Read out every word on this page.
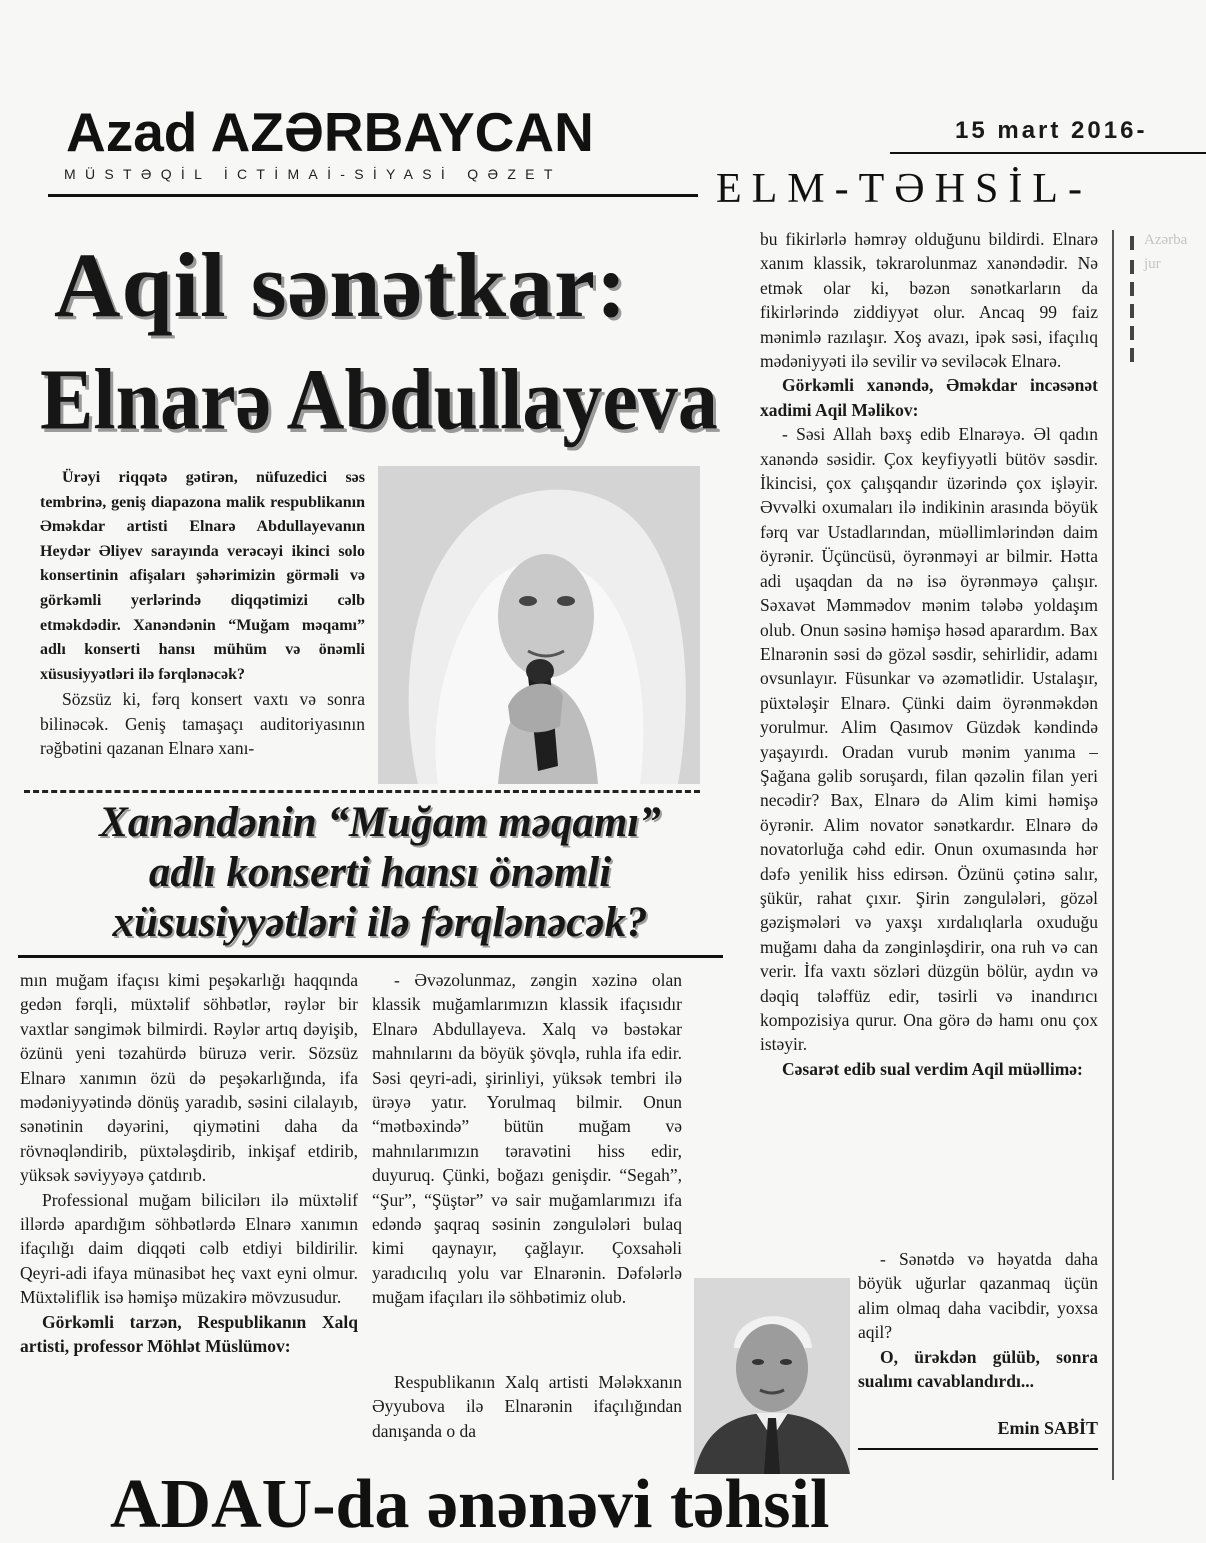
Azad AZƏRBAYCAN
MÜSTƏQİL İCTİMAİ-SİYASİ QƏZET
15 mart 2016-
ELM-TƏHSİL-
Aqil sənətkar:
Elnarə Abdullayeva

Ürəyi riqqətə gətirən, nüfuzedici səs tembrinə, geniş diapazona malik respublikanın Əməkdar artisti Elnarə Abdullayevanın Heydər Əliyev sarayında verəcəyi ikinci solo konsertinin afişaları şəhərimizin görməli və görkəmli yerlərində diqqətimizi cəlb etməkdədir. Xanəndənin “Muğam məqamı” adlı konserti hansı mühüm və önəmli xüsusiyyətləri ilə fərqlənəcək?

Sözsüz ki, fərq konsert vaxtı və sonra bilinəcək. Geniş tamaşaçı auditoriyasının rəğbətini qazanan Elnarə xanı-

Xanəndənin “Muğam məqamı”
adlı konserti hansı önəmli
xüsusiyyətləri ilə fərqlənəcək?

mın muğam ifaçısı kimi peşəkarlığı haqqında gedən fərqli, müxtəlif söhbətlər, rəylər bir vaxtlar səngimək bilmirdi. Rəylər artıq dəyişib, özünü yeni təzahürdə büruzə verir. Sözsüz Elnarə xanımın özü də peşəkarlığında, ifa mədəniyyətində dönüş yaradıb, səsini cilalayıb, sənətinin dəyərini, qiymətini daha da rövnəqləndirib, püxtələşdirib, inkişaf etdirib, yüksək səviyyəyə çatdırıb.

Professional muğam bilicilərı ilə müxtəlif illərdə apardığım söhbətlərdə Elnarə xanımın ifaçılığı daim diqqəti cəlb etdiyi bildirilir. Qeyri-adi ifaya münasibət heç vaxt eyni olmur. Müxtəliflik isə həmişə müzakirə mövzusudur.

Görkəmli tarzən, Respublikanın Xalq artisti, professor Möhlət Müslümov:

- Əvəzolunmaz, zəngin xəzinə olan klassik muğamlarımızın klassik ifaçısıdır Elnarə Abdullayeva. Xalq və bəstəkar mahnılarını da böyük şövqlə, ruhla ifa edir. Səsi qeyri-adi, şirinliyi, yüksək tembri ilə ürəyə yatır. Yorulmaq bilmir. Onun “mətbəxində” bütün muğam və mahnılarımızın təravətini hiss edir, duyuruq. Çünki, boğazı genişdir. “Segah”, “Şur”, “Şüştər” və sair muğamlarımızı ifa edəndə şaqraq səsinin zəngulələri bulaq kimi qaynayır, çağlayır. Çoxsahəli yaradıcılıq yolu var Elnarənin. Dəfələrlə muğam ifaçıları ilə söhbətimiz olub.

Respublikanın Xalq artisti Mələkxanın Əyyubova ilə Elnarənin ifaçılığından danışanda o da

bu fikirlərlə həmrəy olduğunu bildirdi. Elnarə xanım klassik, təkrarolunmaz xanəndədir. Nə etmək olar ki, bəzən sənətkarların da fikirlərində ziddiyyət olur. Ancaq 99 faiz mənimlə razılaşır. Xoş avazı, ipək səsi, ifaçılıq mədəniyyəti ilə sevilir və seviləcək Elnarə.

Görkəmli xanəndə, Əməkdar incəsənət xadimi Aqil Məlikov:

- Səsi Allah bəxş edib Elnarəyə. Əl qadın xanəndə səsidir. Çox keyfiyyətli bütöv səsdir. İkincisi, çox çalışqandır üzərində çox işləyir. Əvvəlki oxumaları ilə indikinin arasında böyük fərq var Ustadlarından, müəllimlərindən daim öyrənir. Üçüncüsü, öyrənməyi ar bilmir. Hətta adi uşaqdan da nə isə öyrənməyə çalışır. Səxavət Məmmədov mənim tələbə yoldaşım olub. Onun səsinə həmişə həsəd aparardım. Bax Elnarənin səsi də gözəl səsdir, sehirlidir, adamı ovsunlayır. Füsunkar və əzəmətlidir. Ustalaşır, püxtələşir Elnarə. Çünki daim öyrənməkdən yorulmur. Alim Qasımov Güzdək kəndində yaşayırdı. Oradan vurub mənim yanıma – Şağana gəlib soruşardı, filan qəzəlin filan yeri necədir? Bax, Elnarə də Alim kimi həmişə öyrənir. Alim novator sənətkardır. Elnarə də novatorluğa cəhd edir. Onun oxumasında hər dəfə yenilik hiss edirsən. Özünü çətinə salır, şükür, rahat çıxır. Şirin zəngulələri, gözəl gəzişmələri və yaxşı xırdalıqlarla oxuduğu muğamı daha da zənginləşdirir, ona ruh və can verir. İfa vaxtı sözləri düzgün bölür, aydın və dəqiq tələffüz edir, təsirli və inandırıcı kompozisiya qurur. Ona görə də hamı onu çox istəyir.

Cəsarət edib sual verdim Aqil müəllimə:

- Sənətdə və həyatda daha böyük uğurlar qazanmaq üçün alim olmaq daha vacibdir, yoxsa aqil?

O, ürəkdən gülüb, sonra sualımı cavablandırdı...

Emin SABİT
Azərba
jur
ADAU-da ənənəvi təhsil
